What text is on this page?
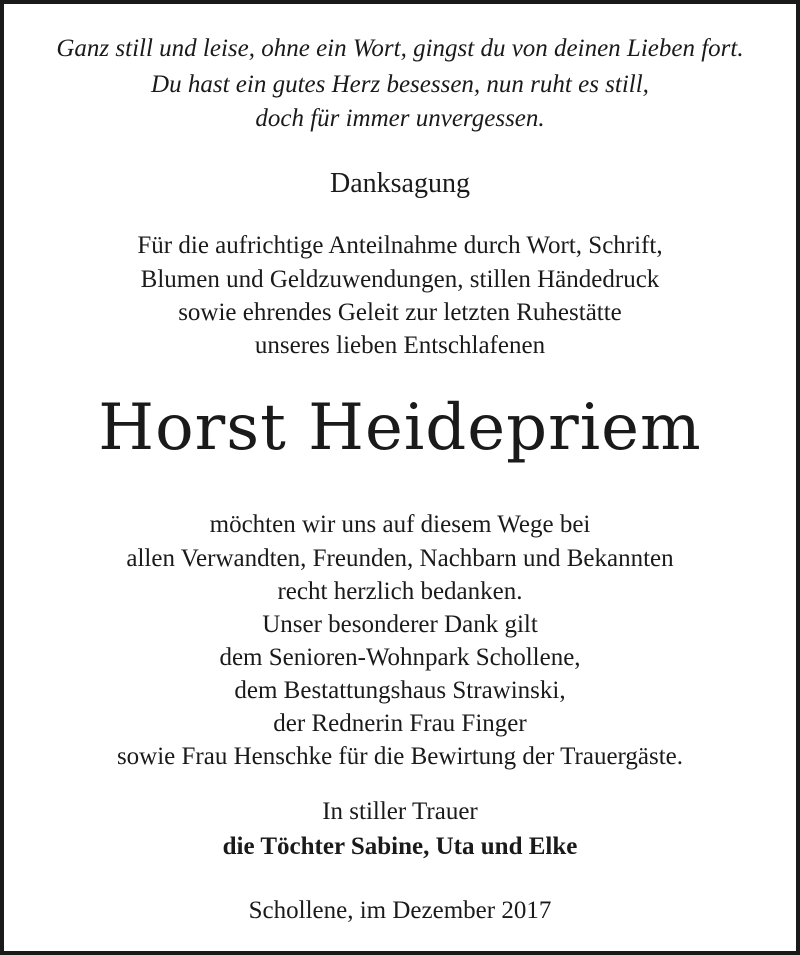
Ganz still und leise, ohne ein Wort, gingst du von deinen Lieben fort.
Du hast ein gutes Herz besessen, nun ruht es still,
doch für immer unvergessen.
Danksagung
Für die aufrichtige Anteilnahme durch Wort, Schrift,
Blumen und Geldzuwendungen, stillen Händedruck
sowie ehrendes Geleit zur letzten Ruhestätte
unseres lieben Entschlafenen
Horst Heidepriem
möchten wir uns auf diesem Wege bei
allen Verwandten, Freunden, Nachbarn und Bekannten
recht herzlich bedanken.
Unser besonderer Dank gilt
dem Senioren-Wohnpark Schollene,
dem Bestattungshaus Strawinski,
der Rednerin Frau Finger
sowie Frau Henschke für die Bewirtung der Trauergäste.
In stiller Trauer
die Töchter Sabine, Uta und Elke
Schollene, im Dezember 2017
